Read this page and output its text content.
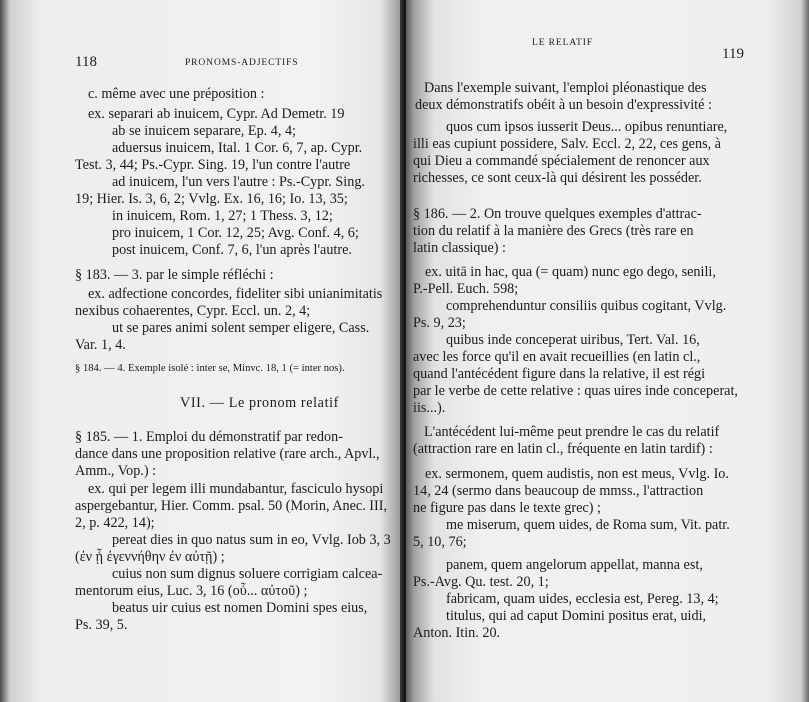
118	PRONOMS-ADJECTIFS
c. même avec une préposition :
ex. separari ab inuicem, Cypr. Ad Demetr. 19
ab se inuicem separare, Ep. 4, 4;
aduersus inuicem, Ital. 1 Cor. 6, 7, ap. Cypr.
Test. 3, 44; Ps.-Cypr. Sing. 19, l'un contre l'autre
ad inuicem, l'un vers l'autre : Ps.-Cypr. Sing.
19; Hier. Is. 3, 6, 2; Vvlg. Ex. 16, 16; Io. 13, 35;
in inuicem, Rom. 1, 27; 1 Thess. 3, 12;
pro inuicem, 1 Cor. 12, 25; Avg. Conf. 4, 6;
post inuicem, Conf. 7, 6, l'un après l'autre.
§ 183. — 3. par le simple réfléchi :
ex. adfectione concordes, fideliter sibi unianimitatis
nexibus cohaerentes, Cypr. Eccl. un. 2, 4;
ut se pares animi solent semper eligere, Cass.
Var. 1, 4.
§ 184. — 4. Exemple isolé : inter se, Minvc. 18, 1 (= inter nos).
VII. — Le pronom relatif
§ 185. — 1. Emploi du démonstratif par redon-
dance dans une proposition relative (rare arch., Apvl.,
Amm., Vop.) :
ex. qui per legem illi mundabantur, fasciculo hysopi
aspergebantur, Hier. Comm. psal. 50 (Morin, Anec. III,
2, p. 422, 14);
pereat dies in quo natus sum in eo, Vvlg. Iob 3, 3
(ἐν ᾗ ἐγεννήθην ἐν αὐτῇ) ;
cuius non sum dignus soluere corrigiam calcea-
mentorum eius, Luc. 3, 16 (οὗ... αὐτοῦ) ;
beatus uir cuius est nomen Domini spes eius,
Ps. 39, 5.
LE RELATIF
119
Dans l'exemple suivant, l'emploi pléonastique des
deux démonstratifs obéit à un besoin d'expressivité :
quos cum ipsos iusserit Deus... opibus renuntiare,
illi eas cupiunt possidere, Salv. Eccl. 2, 22, ces gens, à
qui Dieu a commandé spécialement de renoncer aux
richesses, ce sont ceux-là qui désirent les posséder.
§ 186. — 2. On trouve quelques exemples d'attrac-
tion du relatif à la manière des Grecs (très rare en
latin classique) :
ex. uitā in hac, qua (= quam) nunc ego dego, senili,
P.-Pell. Euch. 598;
comprehenduntur consiliis quibus cogitant, Vvlg.
Ps. 9, 23;
quibus inde conceperat uiribus, Tert. Val. 16,
avec les force qu'il en avait recueillies (en latin cl.,
quand l'antécédent figure dans la relative, il est régi
par le verbe de cette relative : quas uires inde conceperat,
iis...).
L'antécédent lui-même peut prendre le cas du relatif
(attraction rare en latin cl., fréquente en latin tardif) :
ex. sermonem, quem audistis, non est meus, Vvlg. Io.
14, 24 (sermo dans beaucoup de mmss., l'attraction
ne figure pas dans le texte grec) ;
me miserum, quem uides, de Roma sum, Vit. patr.
5, 10, 76;
panem, quem angelorum appellat, manna est,
Ps.-Avg. Qu. test. 20, 1;
fabricam, quam uides, ecclesia est, Pereg. 13, 4;
titulus, qui ad caput Domini positus erat, uidi,
Anton. Itin. 20.
